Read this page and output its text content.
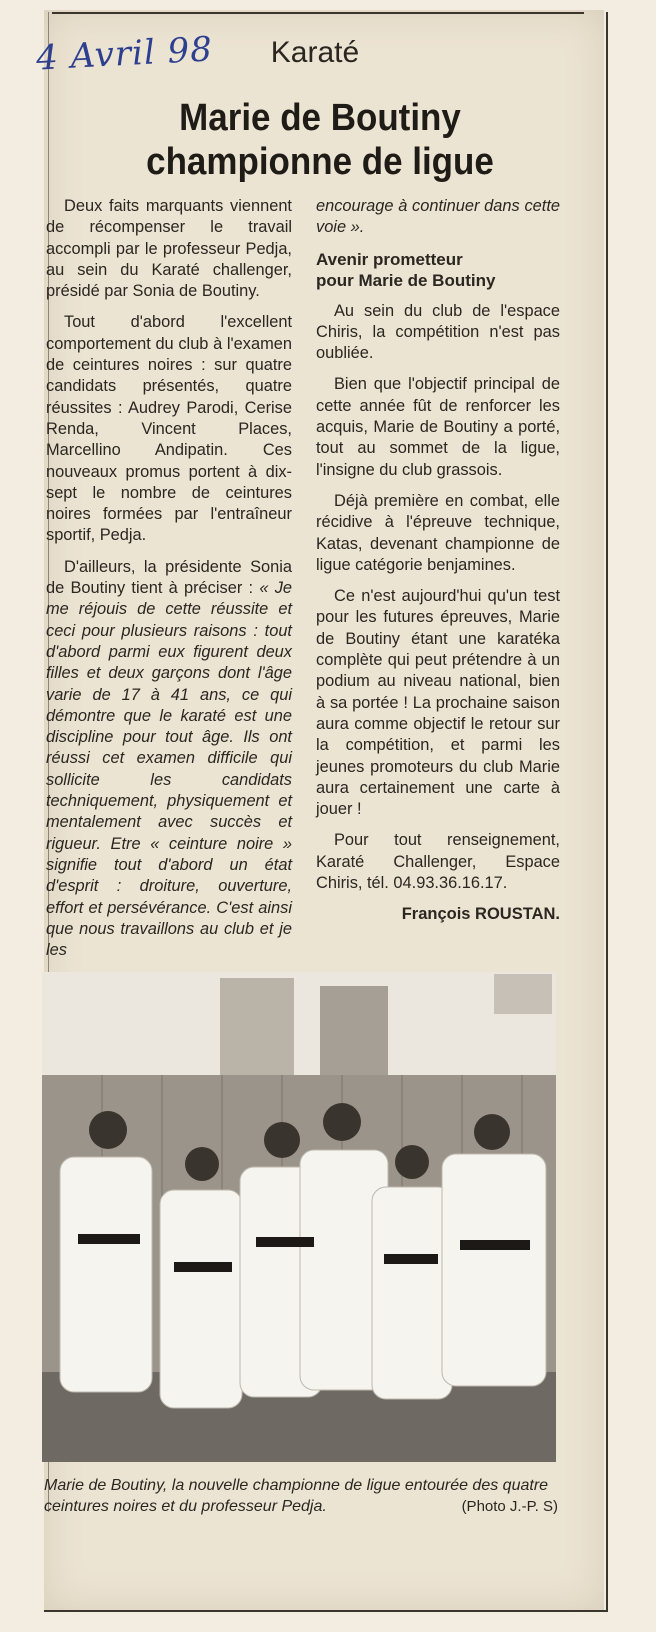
4 Avril 98	Karaté
Marie de Boutiny
championne de ligue

Deux faits marquants viennent de récompenser le travail accompli par le professeur Pedja, au sein du Karaté challenger, présidé par Sonia de Boutiny.

Tout d'abord l'excellent comportement du club à l'examen de ceintures noires : sur quatre candidats présentés, quatre réussites : Audrey Parodi, Cerise Renda, Vincent Places, Marcellino Andipatin. Ces nouveaux promus portent à dix-sept le nombre de ceintures noires formées par l'entraîneur sportif, Pedja.

D'ailleurs, la présidente Sonia de Boutiny tient à préciser : « Je me réjouis de cette réussite et ceci pour plusieurs raisons : tout d'abord parmi eux figurent deux filles et deux garçons dont l'âge varie de 17 à 41 ans, ce qui démontre que le karaté est une discipline pour tout âge. Ils ont réussi cet examen difficile qui sollicite les candidats techniquement, physiquement et mentalement avec succès et rigueur. Etre « ceinture noire » signifie tout d'abord un état d'esprit : droiture, ouverture, effort et persévérance. C'est ainsi que nous travaillons au club et je les

encourage à continuer dans cette voie ».

Avenir prometteur
pour Marie de Boutiny

Au sein du club de l'espace Chiris, la compétition n'est pas oubliée.

Bien que l'objectif principal de cette année fût de renforcer les acquis, Marie de Boutiny a porté, tout au sommet de la ligue, l'insigne du club grassois.

Déjà première en combat, elle récidive à l'épreuve technique, Katas, devenant championne de ligue catégorie benjamines.

Ce n'est aujourd'hui qu'un test pour les futures épreuves, Marie de Boutiny étant une karatéka complète qui peut prétendre à un podium au niveau national, bien à sa portée ! La prochaine saison aura comme objectif le retour sur la compétition, et parmi les jeunes promoteurs du club Marie aura certainement une carte à jouer !

Pour tout renseignement, Karaté Challenger, Espace Chiris, tél. 04.93.36.16.17.

François ROUSTAN.
Marie de Boutiny, la nouvelle championne de ligue entourée des quatre ceintures noires et du professeur Pedja.	(Photo J.-P. S)
